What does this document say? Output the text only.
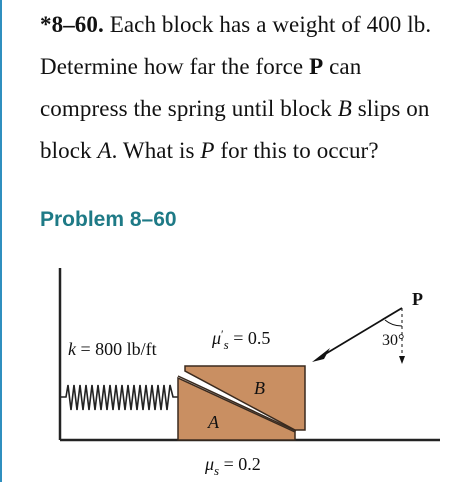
*8–60. Each block has a weight of 400 lb.
Determine how far the force P can
compress the spring until block B slips on
block A. What is P for this to occur?
Problem 8–60
B
A
k = 800 lb/ft
$\mu'_s = 0.5$
$\mu_s = 0.2$
P
30°
